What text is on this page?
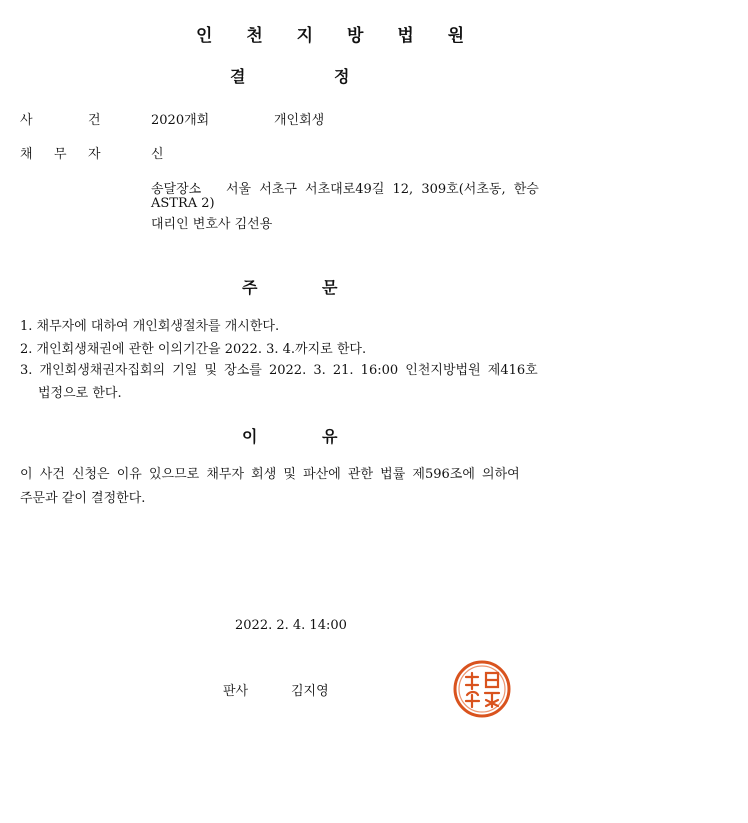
인 천 지 방 법 원
결	정
사	건	2020개회	개인회생
채 무 자	신
송달장소 서울 서초구 서초대로49길 12, 309호(서초동, 한승
ASTRA 2)
대리인 변호사 김선용
주	문
1. 채무자에 대하여 개인회생절차를 개시한다.
2. 개인회생채권에 관한 이의기간을 2022. 3. 4.까지로 한다.
3. 개인회생채권자집회의 기일 및 장소를 2022. 3. 21. 16:00 인천지방법원 제416호
법정으로 한다.
이	유
이 사건 신청은 이유 있으므로 채무자 회생 및 파산에 관한 법률 제596조에 의하여
주문과 같이 결정한다.
2022. 2. 4. 14:00
판사	김지영
